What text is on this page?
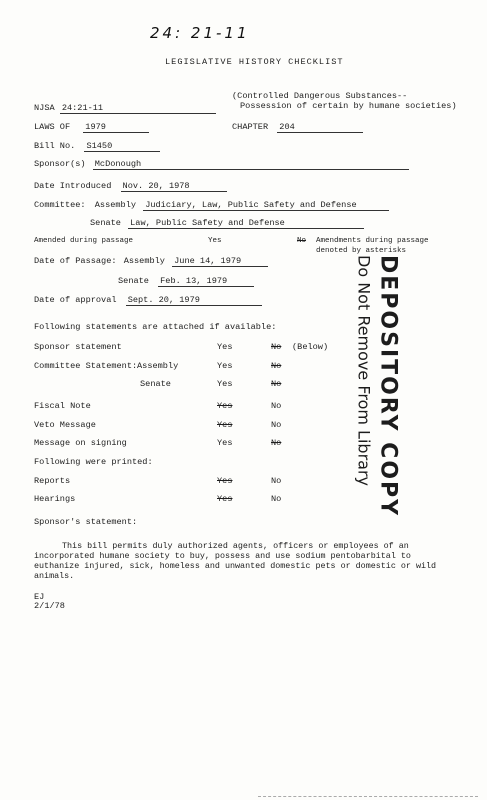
24: 21-11
LEGISLATIVE HISTORY CHECKLIST
NJSA 24:21-11
(Controlled Dangerous Substances--
Possession of certain by humane societies)
LAWS OF 1979	CHAPTER 204
Bill No. S1450
Sponsor(s) McDonough
Date Introduced Nov. 20, 1978
Committee: Assembly Judiciary, Law, Public Safety and Defense
Senate Law, Public Safety and Defense
Amended during passage	Yes	No Amendments during passage
denoted by asterisks
Date of Passage: Assembly June 14, 1979
Senate Feb. 13, 1979
Date of approval Sept. 20, 1979
Following statements are attached if available:
Sponsor statement	Yes	No (Below)
Committee Statement: Assembly	Yes	No
Senate	Yes	No
Fiscal Note	Yes	No
Veto Message	Yes	No
Message on signing	Yes	No
Following were printed:
Reports	Yes	No
Hearings	Yes	No
Sponsor's statement:
This bill permits duly authorized agents, officers or employees of an incorporated humane society to buy, possess and use sodium pentobarbital to euthanize injured, sick, homeless and unwanted domestic pets or domestic or wild animals.
EJ
2/1/78
DEPOSITORY COPY
Do Not Remove From Library
